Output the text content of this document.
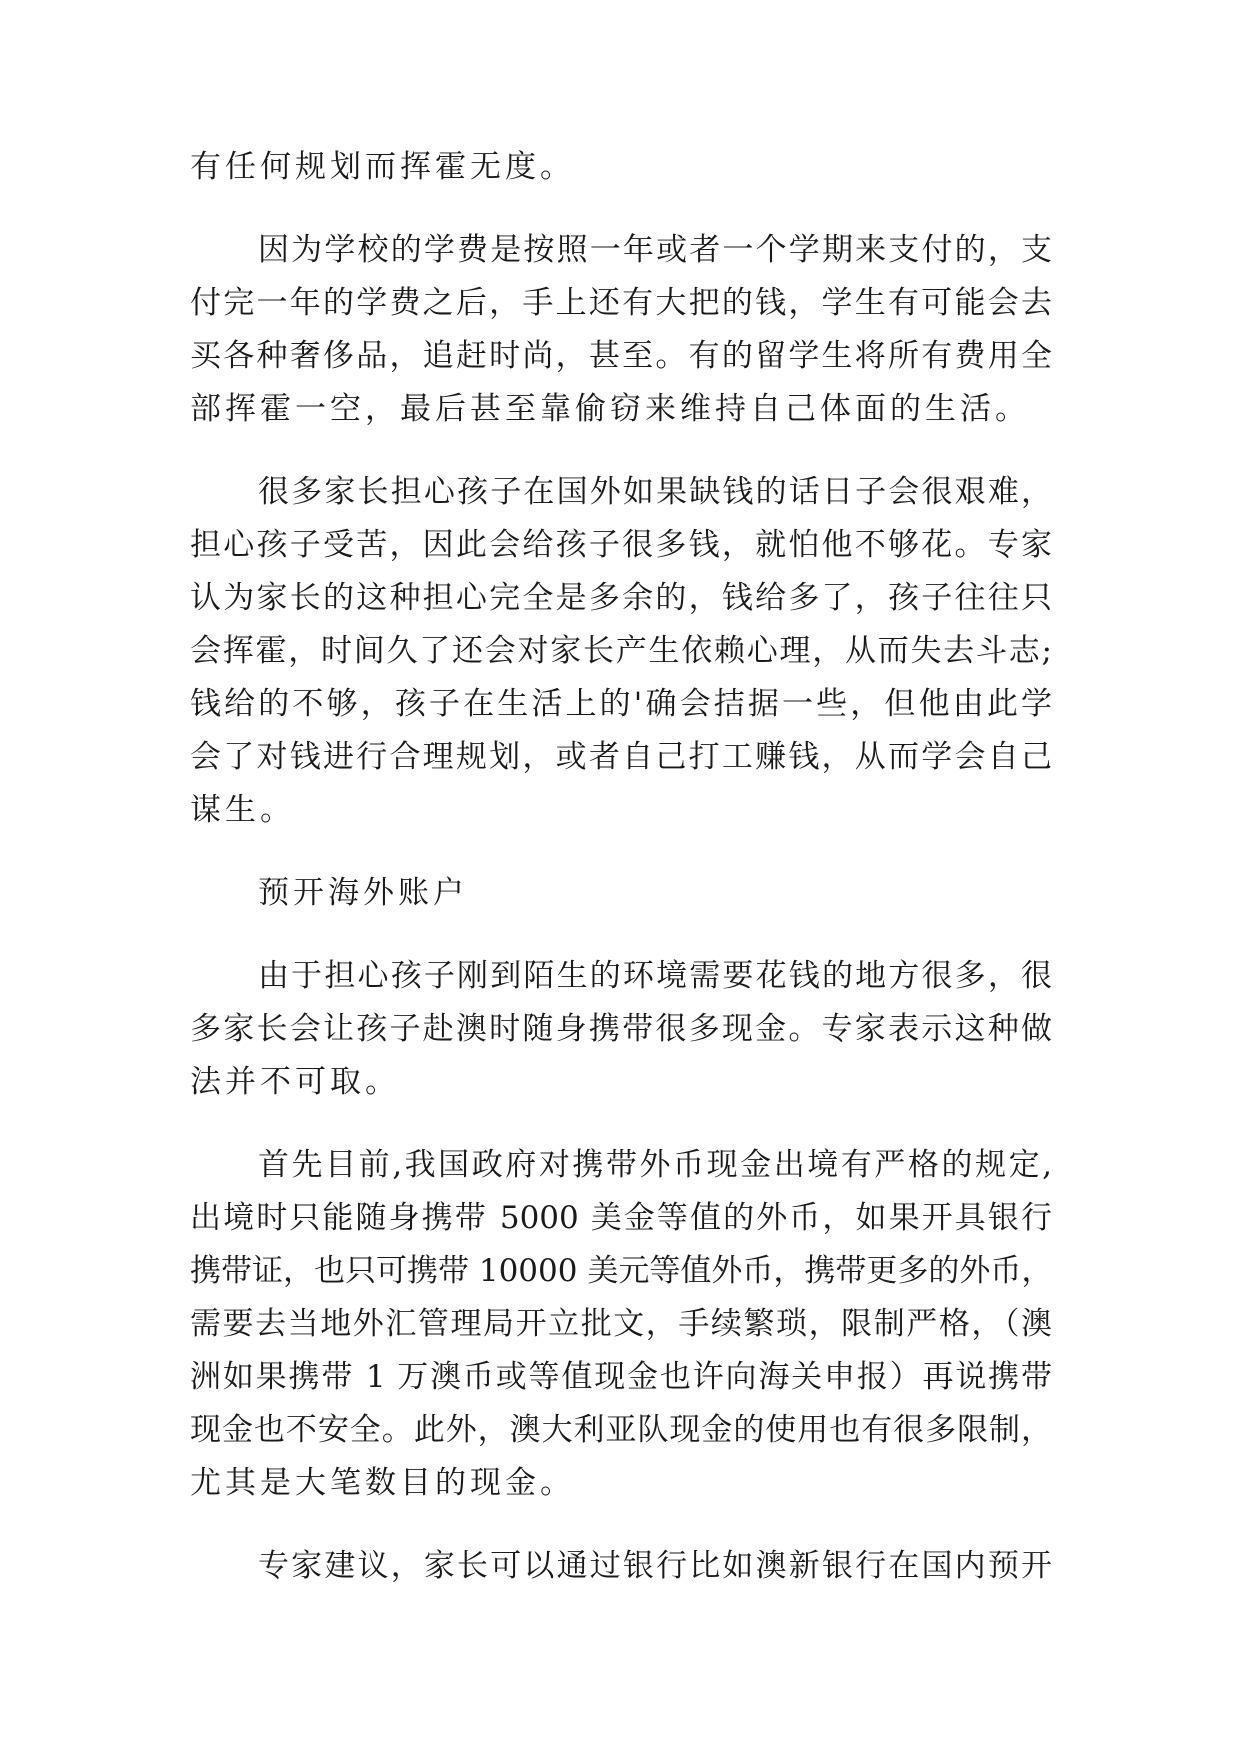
有任何规划而挥霍无度。
因为学校的学费是按照一年或者一个学期来支付的，支
付完一年的学费之后，手上还有大把的钱，学生有可能会去
买各种奢侈品，追赶时尚，甚至。有的留学生将所有费用全
部挥霍一空，最后甚至靠偷窃来维持自己体面的生活。
很多家长担心孩子在国外如果缺钱的话日子会很艰难，
担心孩子受苦，因此会给孩子很多钱，就怕他不够花。专家
认为家长的这种担心完全是多余的，钱给多了，孩子往往只
会挥霍，时间久了还会对家长产生依赖心理，从而失去斗志;
钱给的不够，孩子在生活上的'确会拮据一些，但他由此学
会了对钱进行合理规划，或者自己打工赚钱，从而学会自己
谋生。
预开海外账户
由于担心孩子刚到陌生的环境需要花钱的地方很多，很
多家长会让孩子赴澳时随身携带很多现金。专家表示这种做
法并不可取。
首先目前,我国政府对携带外币现金出境有严格的规定,
出境时只能随身携带 5000 美金等值的外币，如果开具银行
携带证，也只可携带 10000 美元等值外币，携带更多的外币，
需要去当地外汇管理局开立批文，手续繁琐，限制严格，（澳
洲如果携带 1 万澳币或等值现金也许向海关申报）再说携带
现金也不安全。此外，澳大利亚队现金的使用也有很多限制，
尤其是大笔数目的现金。
专家建议，家长可以通过银行比如澳新银行在国内预开
